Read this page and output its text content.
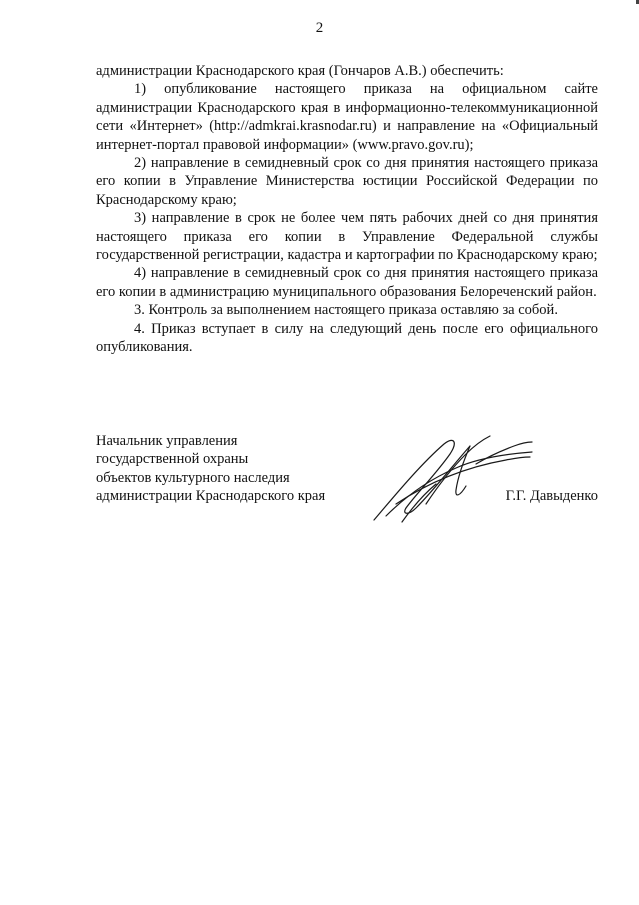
2

администрации Краснодарского края (Гончаров А.В.) обеспечить:

1) опубликование настоящего приказа на официальном сайте администрации Краснодарского края в информационно-телекоммуникационной сети «Интернет» (http://admkrai.krasnodar.ru) и направление на «Официальный интернет-портал правовой информации» (www.pravo.gov.ru);

2) направление в семидневный срок со дня принятия настоящего приказа его копии в Управление Министерства юстиции Российской Федерации по Краснодарскому краю;

3) направление в срок не более чем пять рабочих дней со дня принятия настоящего приказа его копии в Управление Федеральной службы государственной регистрации, кадастра и картографии по Краснодарскому краю;

4) направление в семидневный срок со дня принятия настоящего приказа его копии в администрацию муниципального образования Белореченский район.

3. Контроль за выполнением настоящего приказа оставляю за собой.

4. Приказ вступает в силу на следующий день после его официального опубликования.

Начальник управления
государственной охраны
объектов культурного наследия
администрации Краснодарского края	Г.Г. Давыденко
